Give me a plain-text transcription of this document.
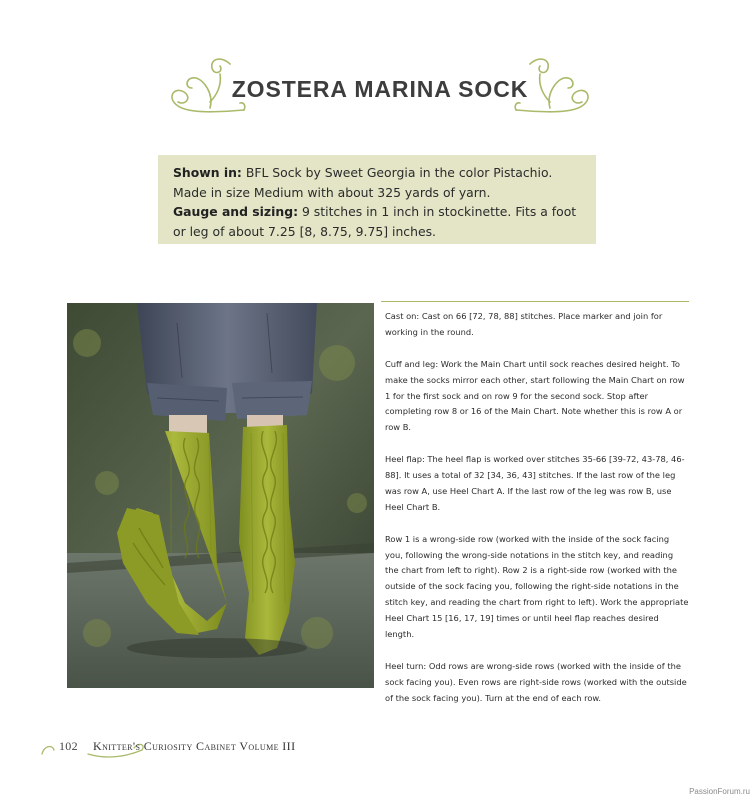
ZOSTERA MARINA SOCK
Shown in: BFL Sock by Sweet Georgia in the color Pistachio. Made in size Medium with about 325 yards of yarn.
Gauge and sizing: 9 stitches in 1 inch in stockinette. Fits a foot or leg of about 7.25 [8, 8.75, 9.75] inches.

Cast on: Cast on 66 [72, 78, 88] stitches. Place marker and join for working in the round.

Cuff and leg: Work the Main Chart until sock reaches desired height. To make the socks mirror each other, start following the Main Chart on row 1 for the first sock and on row 9 for the second sock. Stop after completing row 8 or 16 of the Main Chart. Note whether this is row A or row B.

Heel flap: The heel flap is worked over stitches 35-66 [39-72, 43-78, 46-88]. It uses a total of 32 [34, 36, 43] stitches. If the last row of the leg was row A, use Heel Chart A. If the last row of the leg was row B, use Heel Chart B.

Row 1 is a wrong-side row (worked with the inside of the sock facing you, following the wrong-side notations in the stitch key, and reading the chart from left to right). Row 2 is a right-side row (worked with the outside of the sock facing you, following the right-side notations in the stitch key, and reading the chart from right to left). Work the appropriate Heel Chart 15 [16, 17, 19] times or until heel flap reaches desired length.

Heel turn: Odd rows are wrong-side rows (worked with the inside of the sock facing you). Even rows are right-side rows (worked with the outside of the sock facing you). Turn at the end of each row.

102 Knitter's Curiosity Cabinet Volume III
PassionForum.ru
